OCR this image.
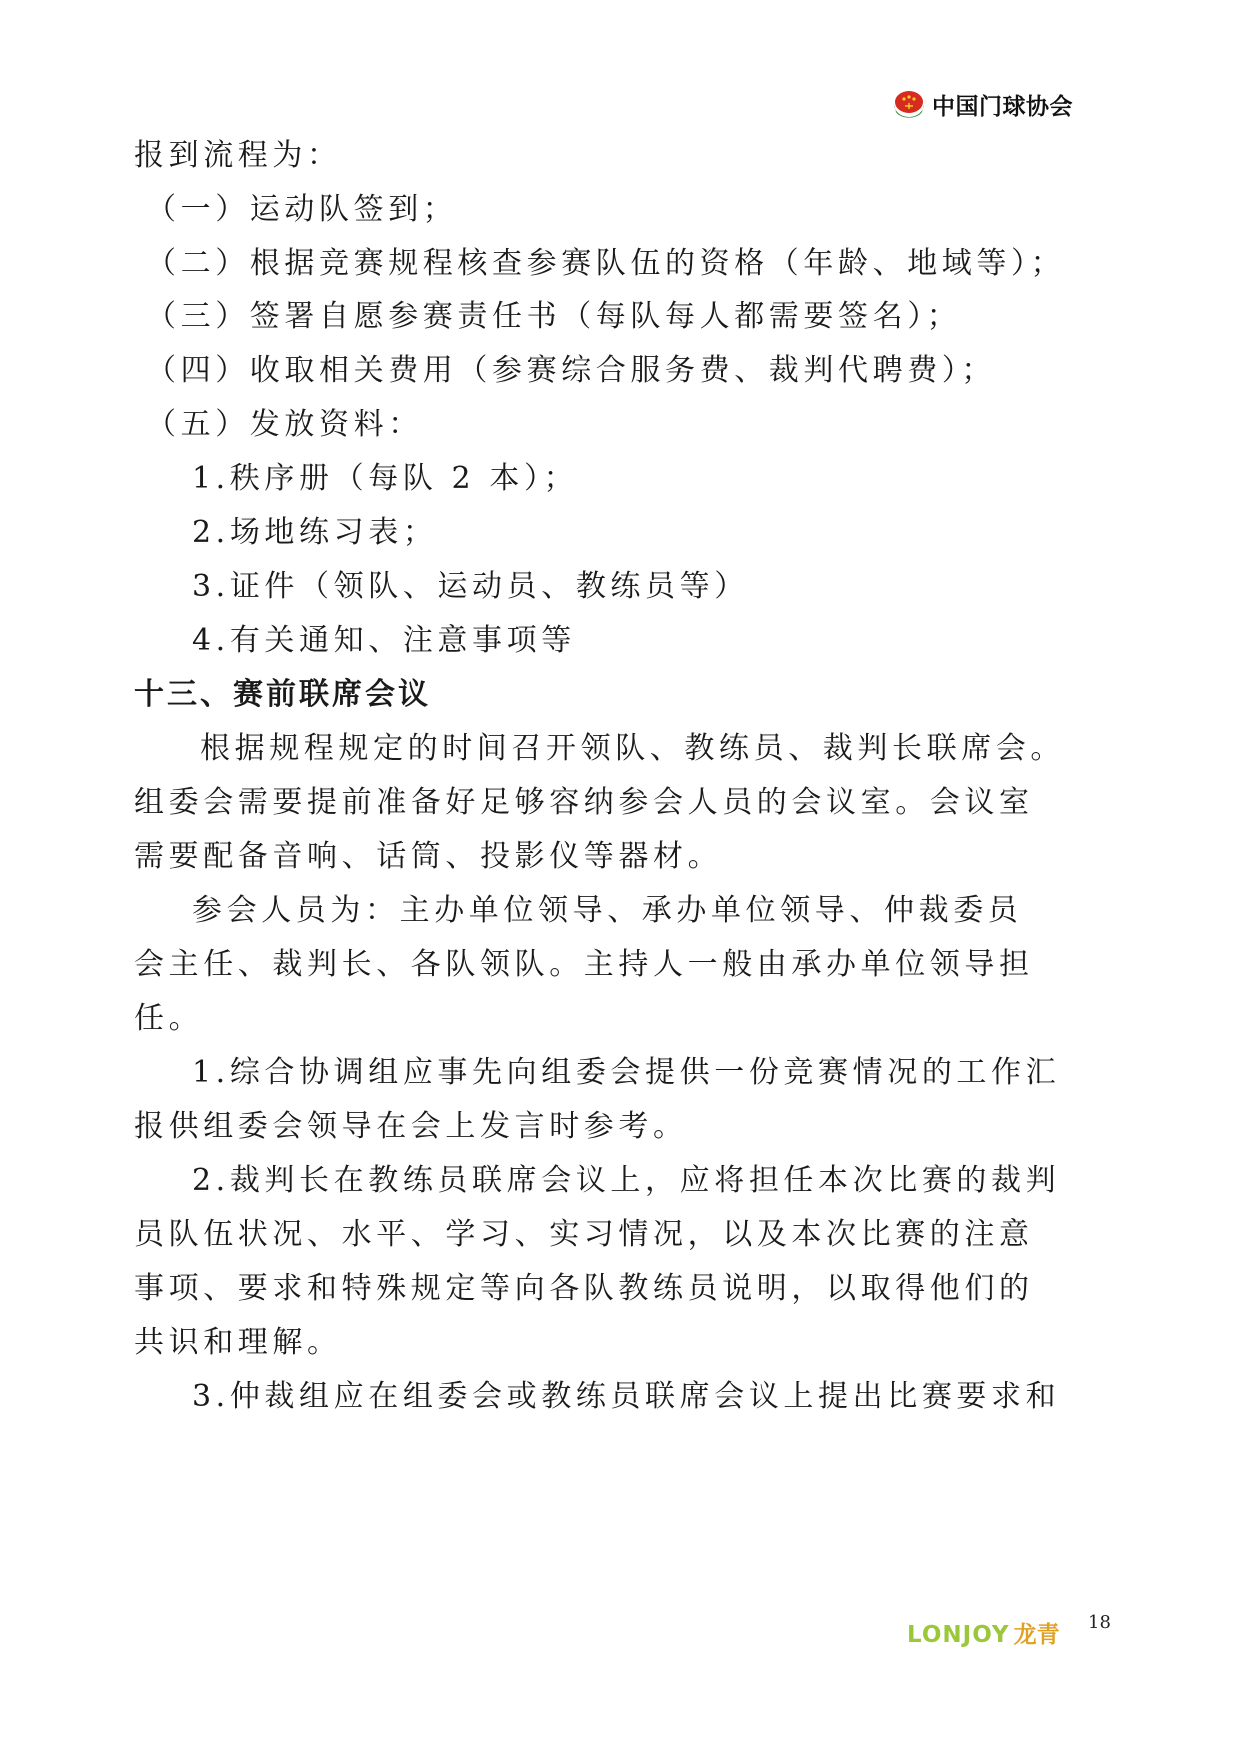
中国门球协会
报到流程为：
（一）运动队签到；
（二）根据竞赛规程核查参赛队伍的资格（年龄、地域等）；
（三）签署自愿参赛责任书（每队每人都需要签名）；
（四）收取相关费用（参赛综合服务费、裁判代聘费）；
（五）发放资料：
1.秩序册（每队 2 本）；
2.场地练习表；
3.证件（领队、运动员、教练员等）
4.有关通知、注意事项等
十三、赛前联席会议
根据规程规定的时间召开领队、教练员、裁判长联席会。
组委会需要提前准备好足够容纳参会人员的会议室。会议室
需要配备音响、话筒、投影仪等器材。
参会人员为：主办单位领导、承办单位领导、仲裁委员
会主任、裁判长、各队领队。主持人一般由承办单位领导担
任。
1.综合协调组应事先向组委会提供一份竞赛情况的工作汇
报供组委会领导在会上发言时参考。
2.裁判长在教练员联席会议上，应将担任本次比赛的裁判
员队伍状况、水平、学习、实习情况，以及本次比赛的注意
事项、要求和特殊规定等向各队教练员说明，以取得他们的
共识和理解。
3.仲裁组应在组委会或教练员联席会议上提出比赛要求和
LONJOY 龙青 18
